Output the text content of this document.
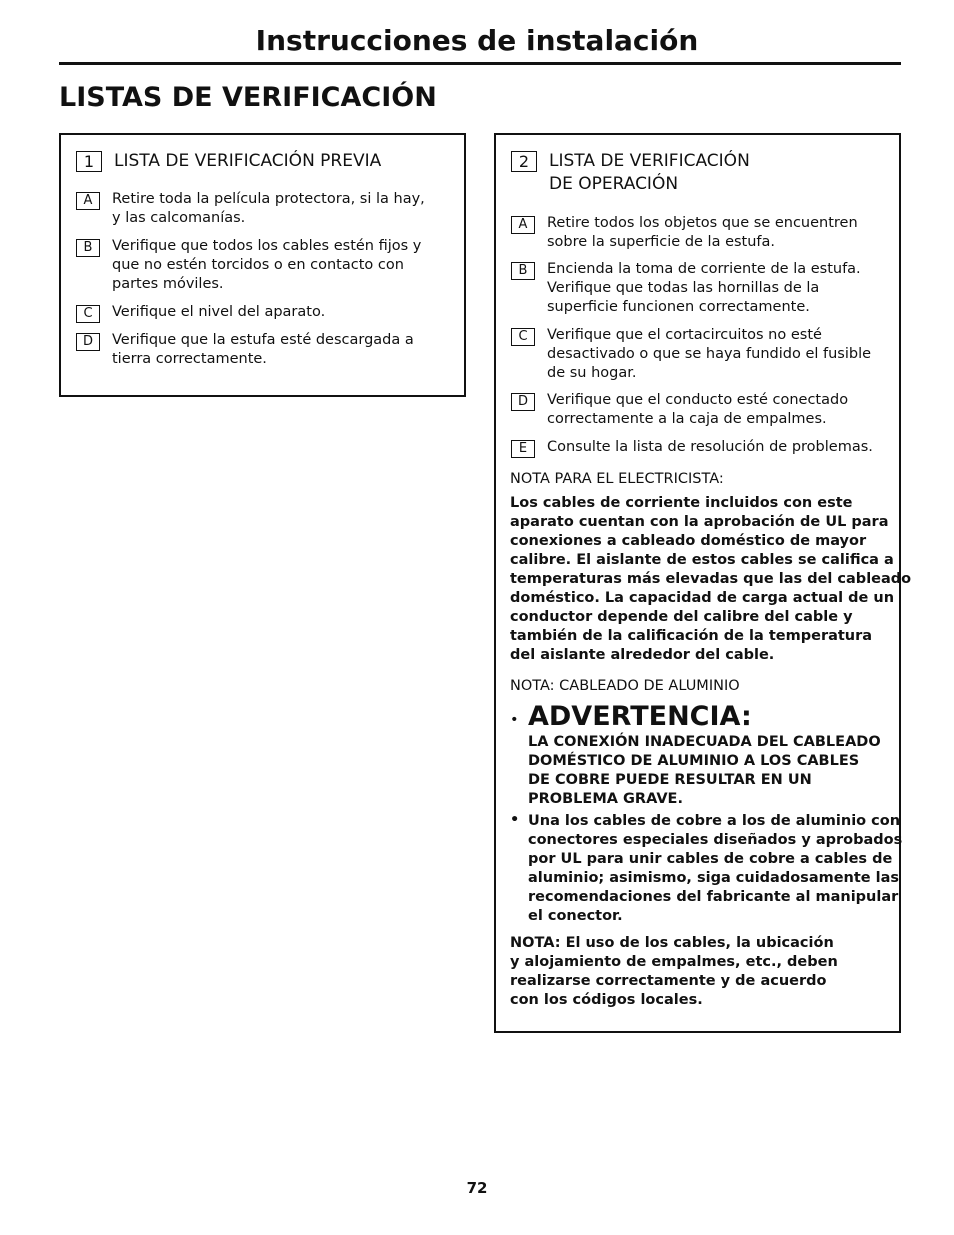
Instrucciones de instalación
LISTAS DE VERIFICACIÓN
1	LISTA DE VERIFICACIÓN PREVIA
A	Retire toda la película protectora, si la hay,
y las calcomanías.
B	Verifique que todos los cables estén fijos y
que no estén torcidos o en contacto con
partes móviles.
C	Verifique el nivel del aparato.
D	Verifique que la estufa esté descargada a
tierra correctamente.
2	LISTA DE VERIFICACIÓN
DE OPERACIÓN
A	Retire todos los objetos que se encuentren
sobre la superficie de la estufa.
B	Encienda la toma de corriente de la estufa.
Verifique que todas las hornillas de la
superficie funcionen correctamente.
C	Verifique que el cortacircuitos no esté
desactivado o que se haya fundido el fusible
de su hogar.
D	Verifique que el conducto esté conectado
correctamente a la caja de empalmes.
E	Consulte la lista de resolución de problemas.
NOTA PARA EL ELECTRICISTA:
Los cables de corriente incluidos con este
aparato cuentan con la aprobación de UL para
conexiones a cableado doméstico de mayor
calibre. El aislante de estos cables se califica a
temperaturas más elevadas que las del cableado
doméstico. La capacidad de carga actual de un
conductor depende del calibre del cable y
también de la calificación de la temperatura
del aislante alrededor del cable.
NOTA: CABLEADO DE ALUMINIO
• ADVERTENCIA:
LA CONEXIÓN INADECUADA DEL CABLEADO
DOMÉSTICO DE ALUMINIO A LOS CABLES
DE COBRE PUEDE RESULTAR EN UN
PROBLEMA GRAVE.
• Una los cables de cobre a los de aluminio con
conectores especiales diseñados y aprobados
por UL para unir cables de cobre a cables de
aluminio; asimismo, siga cuidadosamente las
recomendaciones del fabricante al manipular
el conector.
NOTA: El uso de los cables, la ubicación
y alojamiento de empalmes, etc., deben
realizarse correctamente y de acuerdo
con los códigos locales.
72
